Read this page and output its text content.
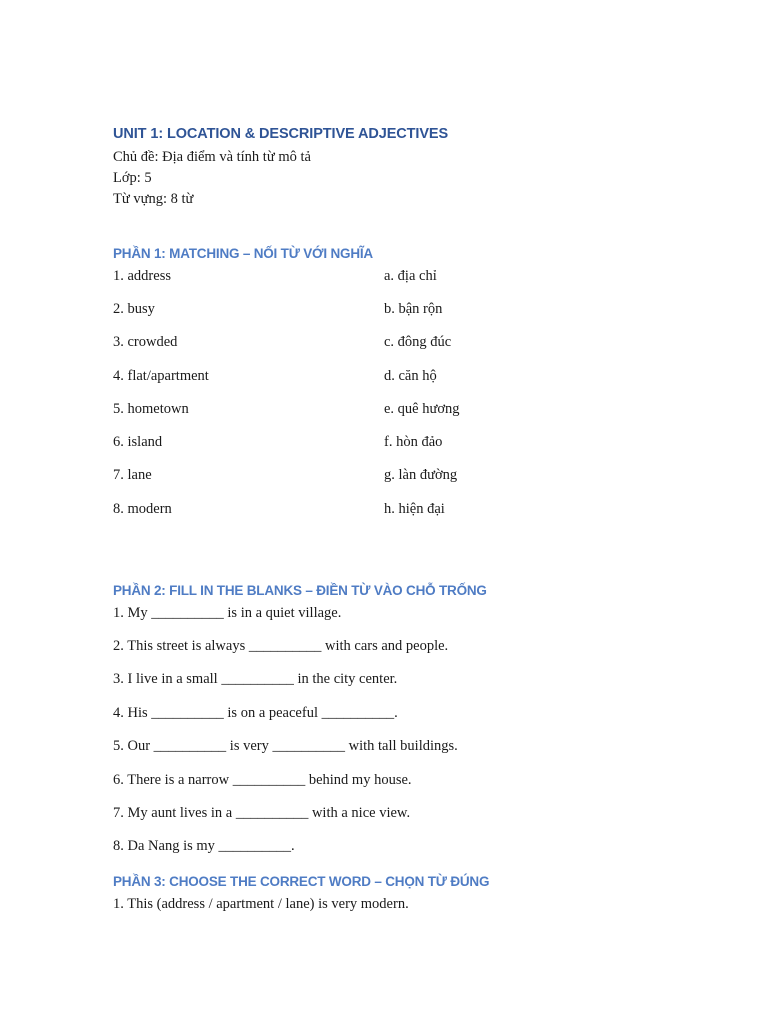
UNIT 1: LOCATION & DESCRIPTIVE ADJECTIVES
Chủ đề: Địa điểm và tính từ mô tả
Lớp: 5
Từ vựng: 8 từ
PHẦN 1: MATCHING – NỐI TỪ VỚI NGHĨA
1. address	a. địa chỉ
2. busy	b. bận rộn
3. crowded	c. đông đúc
4. flat/apartment	d. căn hộ
5. hometown	e. quê hương
6. island	f. hòn đảo
7. lane	g. làn đường
8. modern	h. hiện đại
PHẦN 2: FILL IN THE BLANKS – ĐIỀN TỪ VÀO CHỖ TRỐNG
1. My __________ is in a quiet village.
2. This street is always __________ with cars and people.
3. I live in a small __________ in the city center.
4. His __________ is on a peaceful __________.
5. Our __________ is very __________ with tall buildings.
6. There is a narrow __________ behind my house.
7. My aunt lives in a __________ with a nice view.
8. Da Nang is my __________.
PHẦN 3: CHOOSE THE CORRECT WORD – CHỌN TỪ ĐÚNG
1. This (address / apartment / lane) is very modern.
